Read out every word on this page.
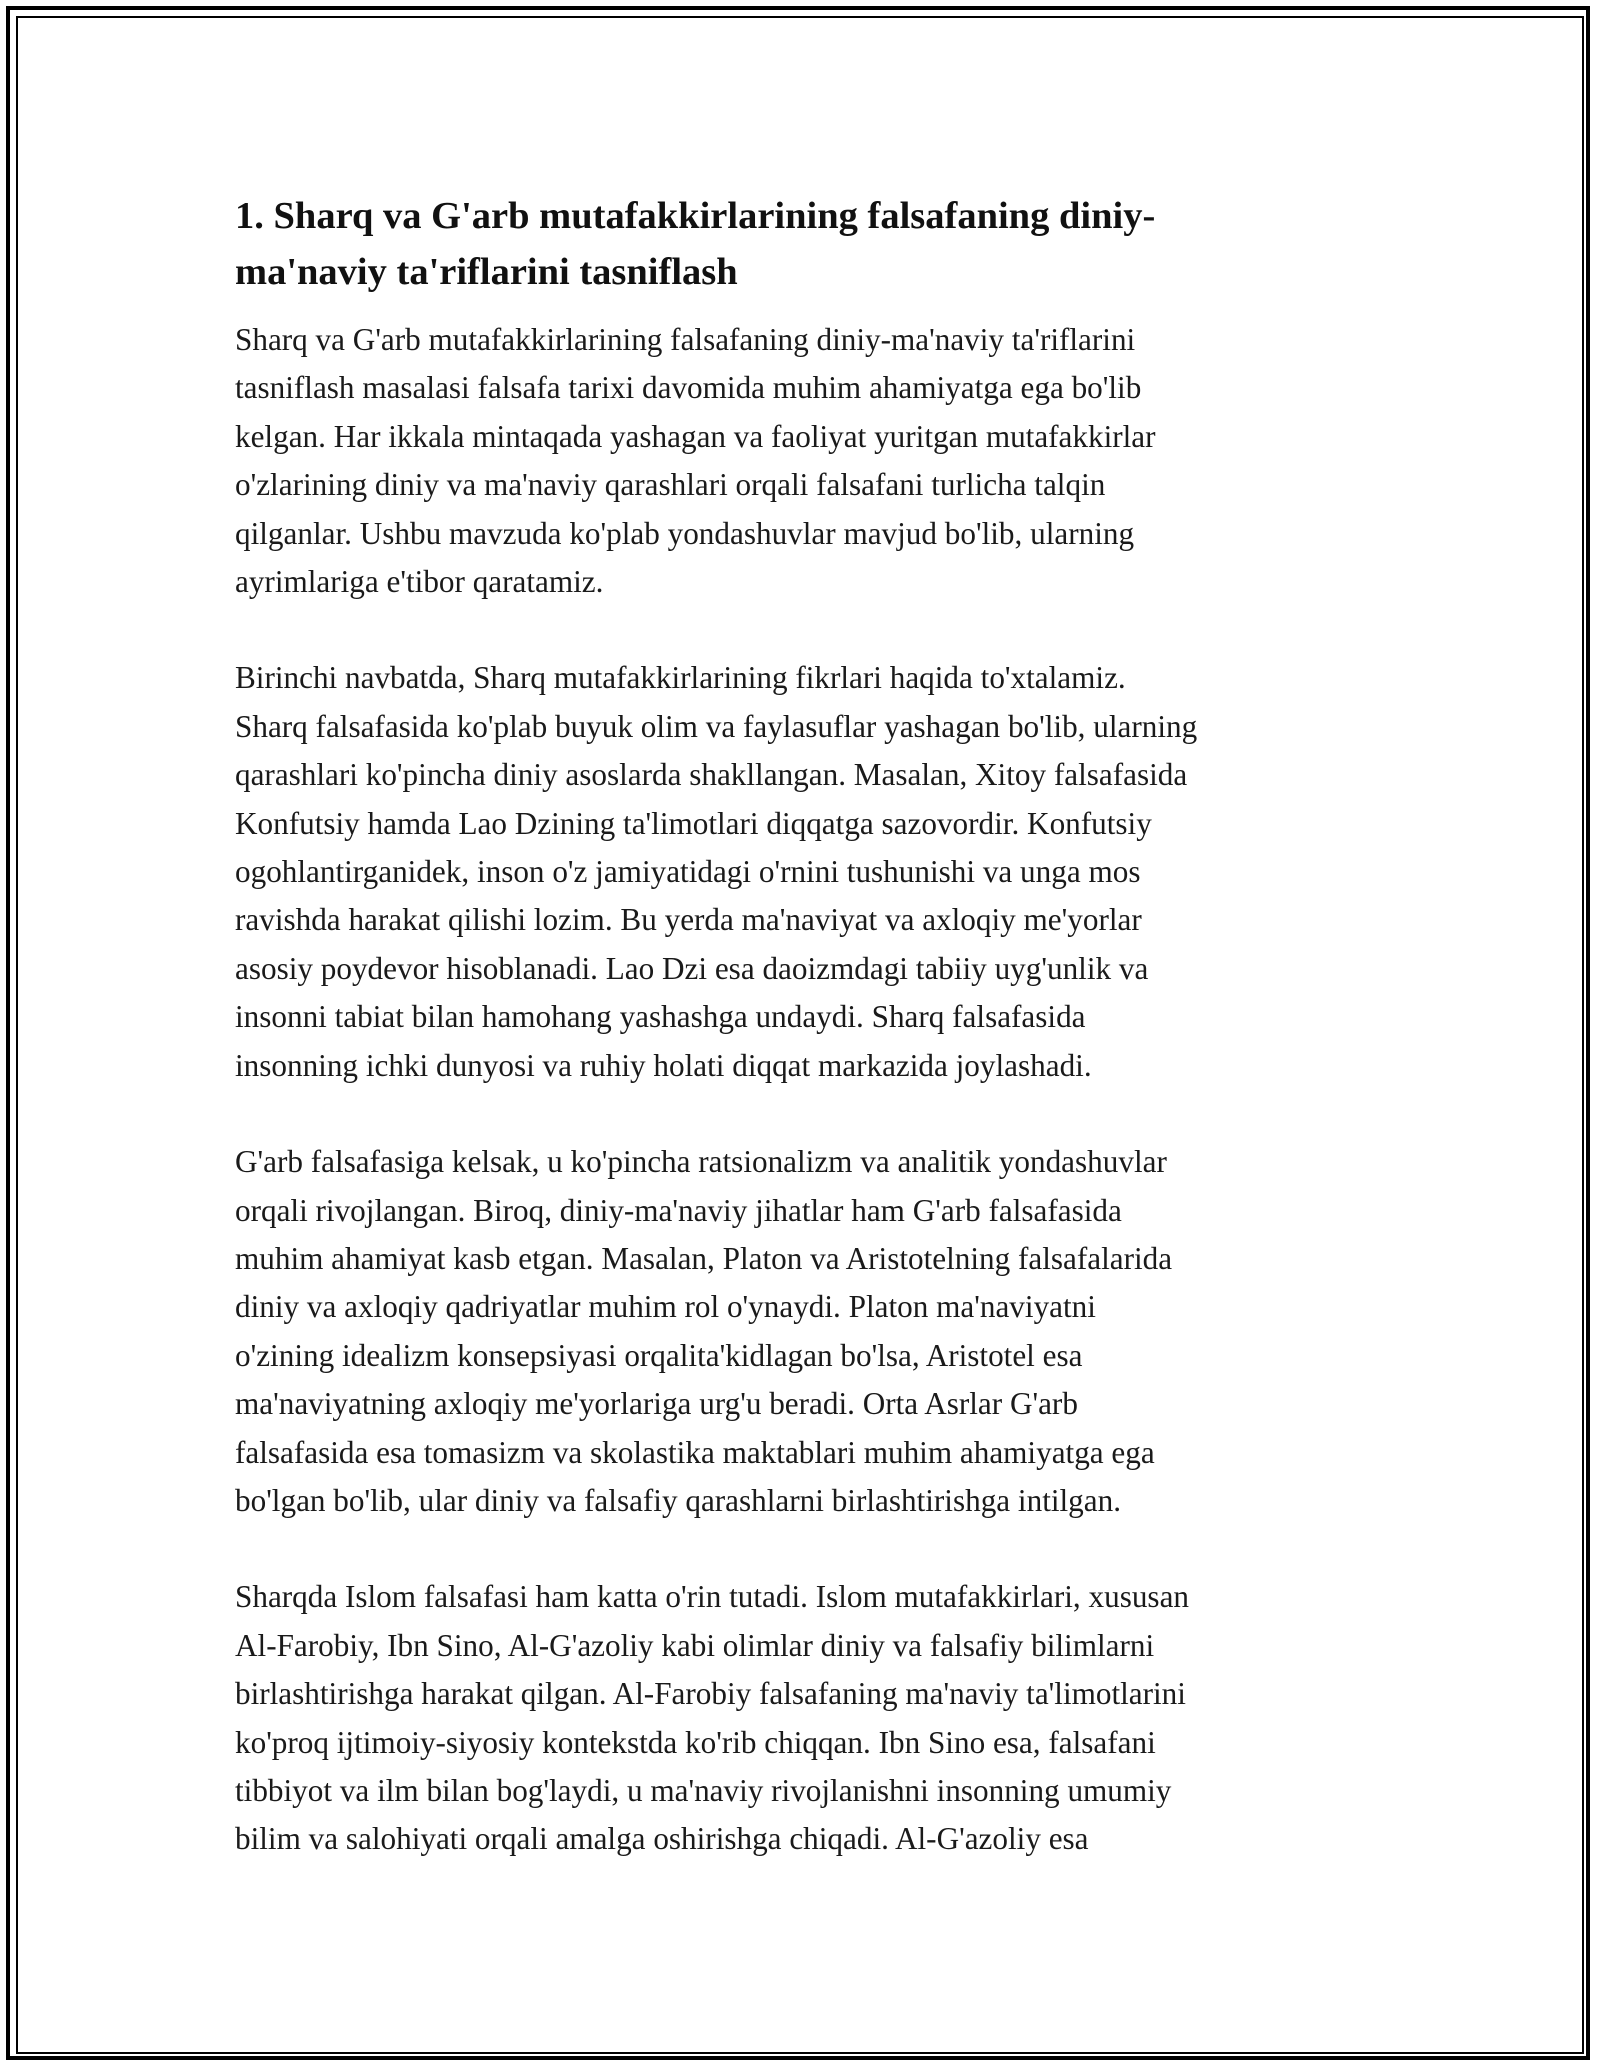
1. Sharq va G'arb mutafakkirlarining falsafaning diniy-
ma'naviy ta'riflarini tasniflash

Sharq va G'arb mutafakkirlarining falsafaning diniy-ma'naviy ta'riflarini
tasniflash masalasi falsafa tarixi davomida muhim ahamiyatga ega bo'lib
kelgan. Har ikkala mintaqada yashagan va faoliyat yuritgan mutafakkirlar
o'zlarining diniy va ma'naviy qarashlari orqali falsafani turlicha talqin
qilganlar. Ushbu mavzuda ko'plab yondashuvlar mavjud bo'lib, ularning
ayrimlariga e'tibor qaratamiz.

Birinchi navbatda, Sharq mutafakkirlarining fikrlari haqida to'xtalamiz.
Sharq falsafasida ko'plab buyuk olim va faylasuflar yashagan bo'lib, ularning
qarashlari ko'pincha diniy asoslarda shakllangan. Masalan, Xitoy falsafasida
Konfutsiy hamda Lao Dzining ta'limotlari diqqatga sazovordir. Konfutsiy
ogohlantirganidek, inson o'z jamiyatidagi o'rnini tushunishi va unga mos
ravishda harakat qilishi lozim. Bu yerda ma'naviyat va axloqiy me'yorlar
asosiy poydevor hisoblanadi. Lao Dzi esa daoizmdagi tabiiy uyg'unlik va
insonni tabiat bilan hamohang yashashga undaydi. Sharq falsafasida
insonning ichki dunyosi va ruhiy holati diqqat markazida joylashadi.

G'arb falsafasiga kelsak, u ko'pincha ratsionalizm va analitik yondashuvlar
orqali rivojlangan. Biroq, diniy-ma'naviy jihatlar ham G'arb falsafasida
muhim ahamiyat kasb etgan. Masalan, Platon va Aristotelning falsafalarida
diniy va axloqiy qadriyatlar muhim rol o'ynaydi. Platon ma'naviyatni
o'zining idealizm konsepsiyasi orqalita'kidlagan bo'lsa, Aristotel esa
ma'naviyatning axloqiy me'yorlariga urg'u beradi. Orta Asrlar G'arb
falsafasida esa tomasizm va skolastika maktablari muhim ahamiyatga ega
bo'lgan bo'lib, ular diniy va falsafiy qarashlarni birlashtirishga intilgan.

Sharqda Islom falsafasi ham katta o'rin tutadi. Islom mutafakkirlari, xususan
Al-Farobiy, Ibn Sino, Al-G'azoliy kabi olimlar diniy va falsafiy bilimlarni
birlashtirishga harakat qilgan. Al-Farobiy falsafaning ma'naviy ta'limotlarini
ko'proq ijtimoiy-siyosiy kontekstda ko'rib chiqqan. Ibn Sino esa, falsafani
tibbiyot va ilm bilan bog'laydi, u ma'naviy rivojlanishni insonning umumiy
bilim va salohiyati orqali amalga oshirishga chiqadi. Al-G'azoliy esa
